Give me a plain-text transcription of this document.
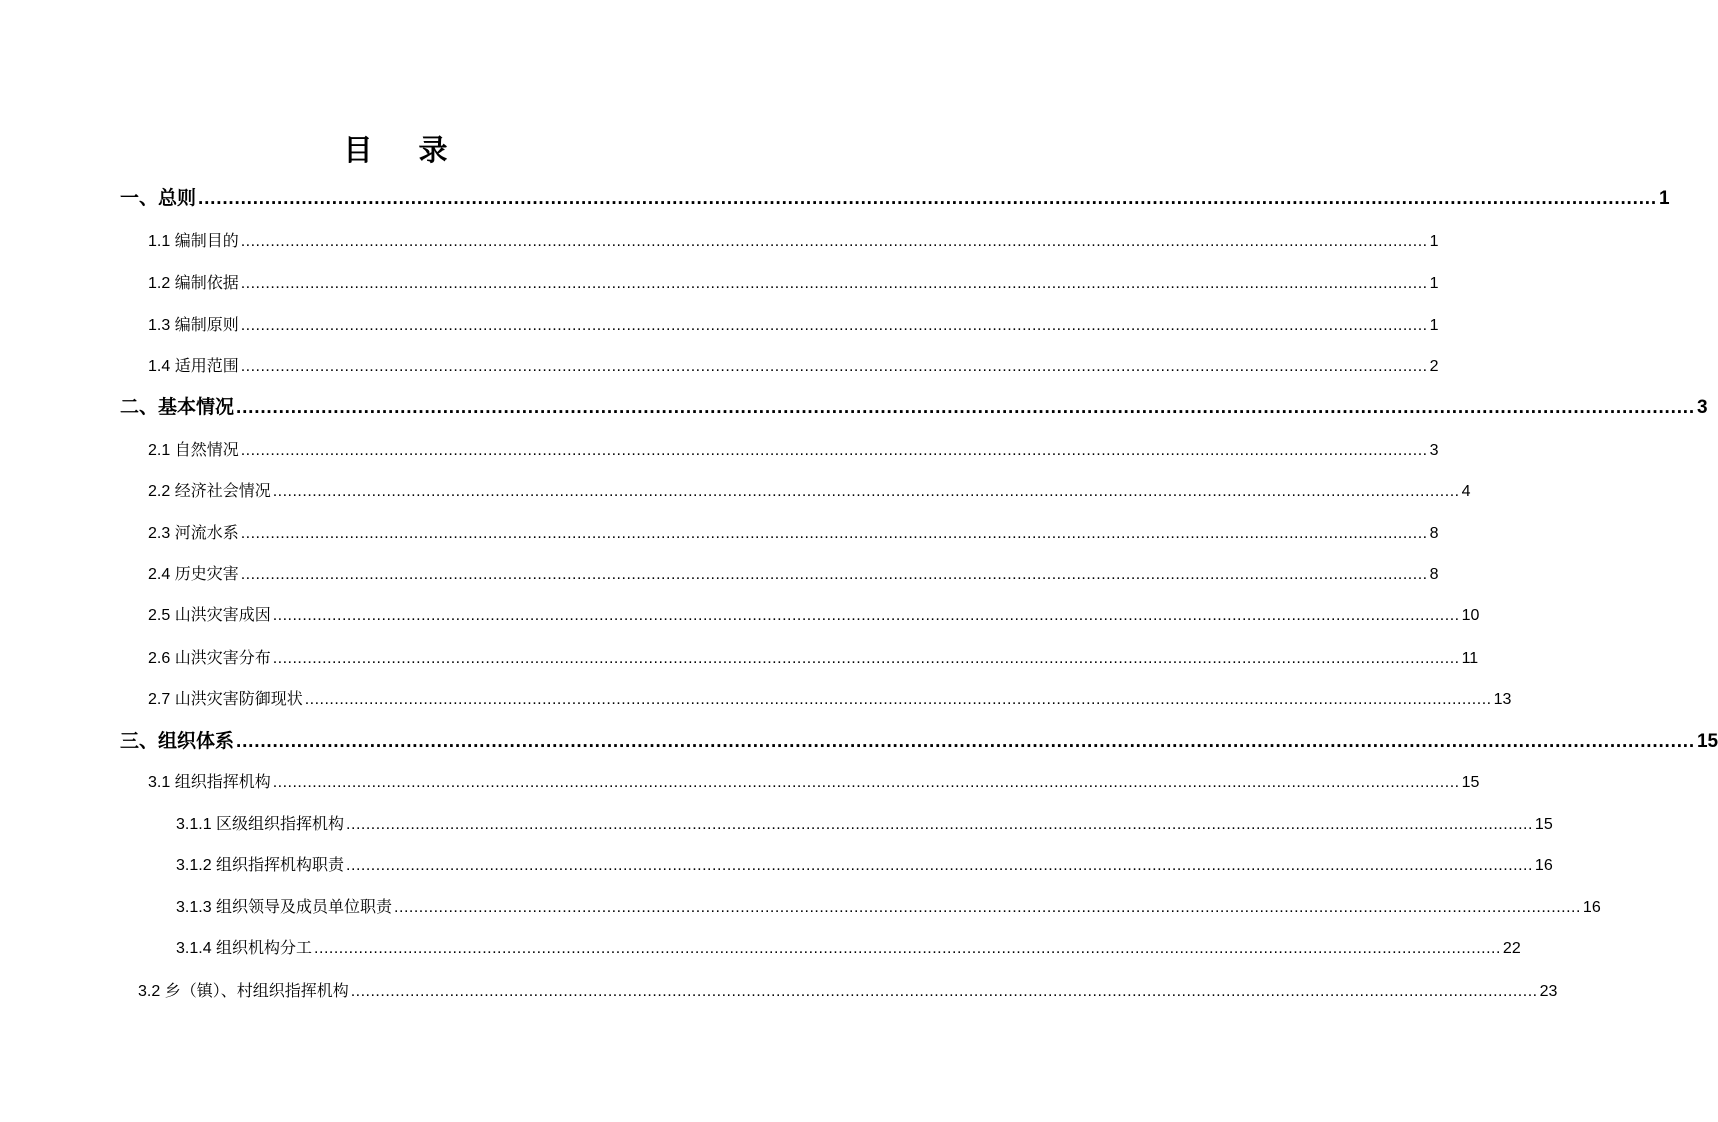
目 录
一、总则 ................................................................................................................................................................................................................................................ 1
1.1 编制目的 ................................................................................................................................................................................................................................................ 1
1.2 编制依据 ................................................................................................................................................................................................................................................ 1
1.3 编制原则 ................................................................................................................................................................................................................................................ 1
1.4 适用范围 ................................................................................................................................................................................................................................................ 2
二、基本情况 ................................................................................................................................................................................................................................................ 3
2.1 自然情况 ................................................................................................................................................................................................................................................ 3
2.2 经济社会情况 ................................................................................................................................................................................................................................................ 4
2.3 河流水系 ................................................................................................................................................................................................................................................ 8
2.4 历史灾害 ................................................................................................................................................................................................................................................ 8
2.5 山洪灾害成因 ................................................................................................................................................................................................................................................ 10
2.6 山洪灾害分布 ................................................................................................................................................................................................................................................ 11
2.7 山洪灾害防御现状 ................................................................................................................................................................................................................................................ 13
三、组织体系 ................................................................................................................................................................................................................................................ 15
3.1 组织指挥机构 ................................................................................................................................................................................................................................................ 15
3.1.1 区级组织指挥机构 ................................................................................................................................................................................................................................................ 15
3.1.2 组织指挥机构职责 ................................................................................................................................................................................................................................................ 16
3.1.3 组织领导及成员单位职责 ................................................................................................................................................................................................................................................ 16
3.1.4 组织机构分工 ................................................................................................................................................................................................................................................ 22
3.2 乡（镇）、村组织指挥机构 ................................................................................................................................................................................................................................................ 23
